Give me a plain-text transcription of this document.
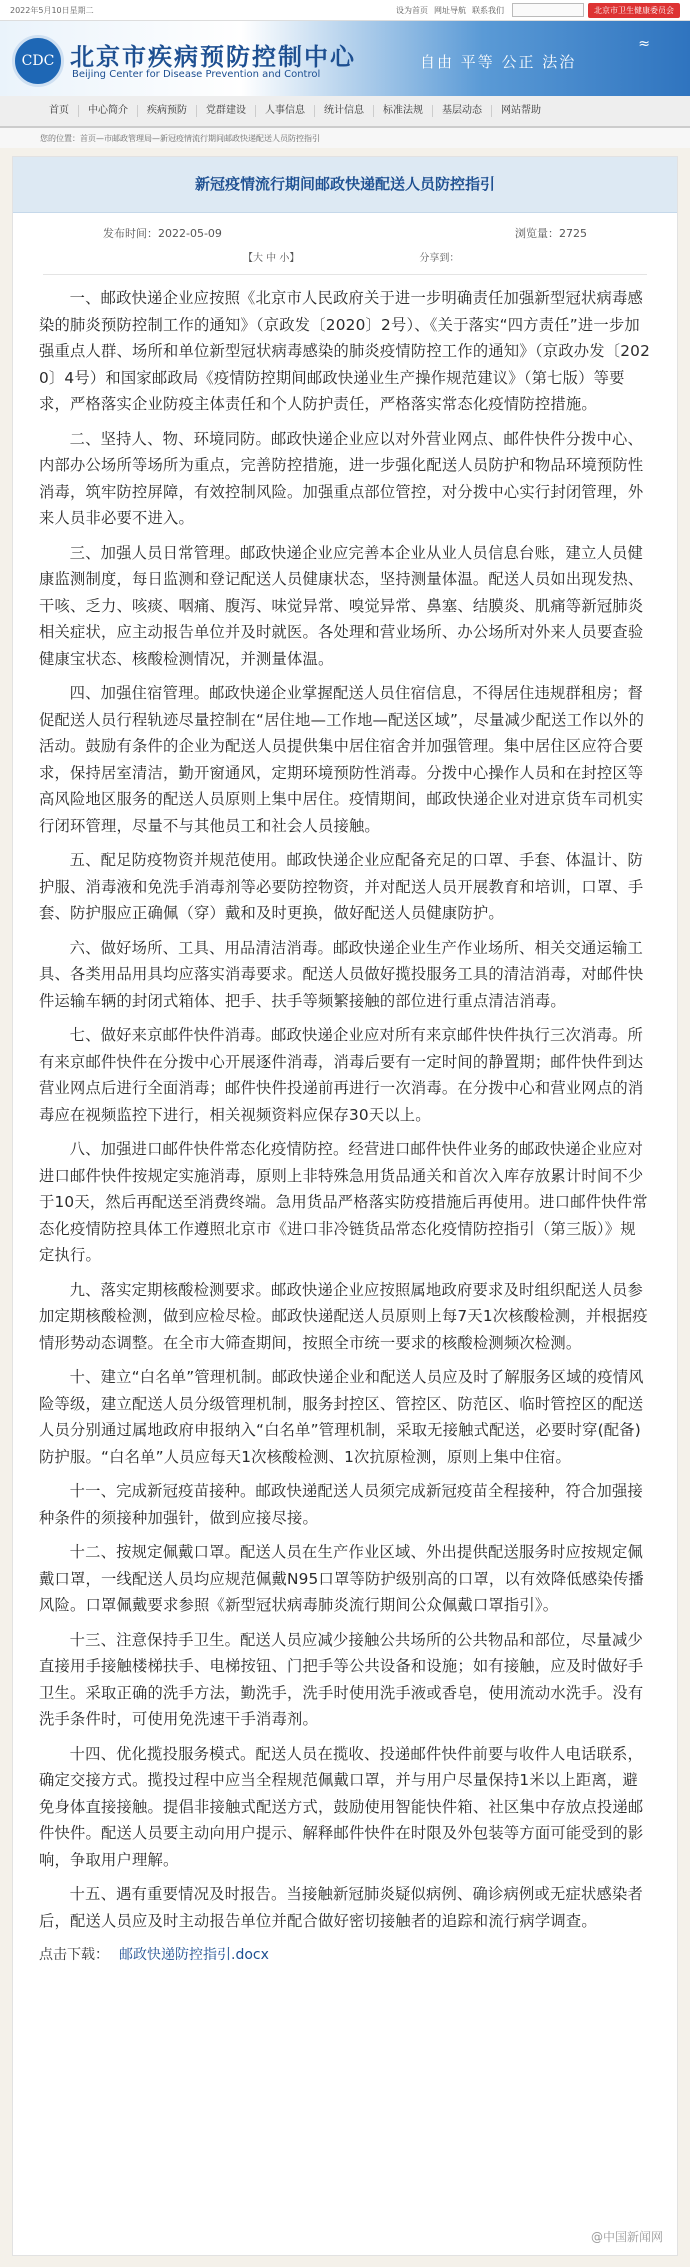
2022年5月10日星期二	设为首页 网址导航 联系我们	北京市卫生健康委员会
CDC 北京市疾病预防控制中心
Beijing Center for Disease Prevention and Control
自由 平等 公正 法治
≈
首页	中心简介	疾病预防	党群建设	人事信息	统计信息	标准法规	基层动态	网站帮助
您的位置：首页—市邮政管理局—新冠疫情流行期间邮政快递配送人员防控指引
新冠疫情流行期间邮政快递配送人员防控指引
发布时间：2022-05-09	浏览量：2725
【大 中 小】	分享到：

一、邮政快递企业应按照《北京市人民政府关于进一步明确责任加强新型冠状病毒感染的肺炎预防控制工作的通知》（京政发〔2020〕2号）、《关于落实“四方责任”进一步加强重点人群、场所和单位新型冠状病毒感染的肺炎疫情防控工作的通知》（京政办发〔2020〕4号）和国家邮政局《疫情防控期间邮政快递业生产操作规范建议》（第七版）等要求，严格落实企业防疫主体责任和个人防护责任，严格落实常态化疫情防控措施。

二、坚持人、物、环境同防。邮政快递企业应以对外营业网点、邮件快件分拨中心、内部办公场所等场所为重点，完善防控措施，进一步强化配送人员防护和物品环境预防性消毒，筑牢防控屏障，有效控制风险。加强重点部位管控，对分拨中心实行封闭管理，外来人员非必要不进入。

三、加强人员日常管理。邮政快递企业应完善本企业从业人员信息台账，建立人员健康监测制度，每日监测和登记配送人员健康状态，坚持测量体温。配送人员如出现发热、干咳、乏力、咳痰、咽痛、腹泻、味觉异常、嗅觉异常、鼻塞、结膜炎、肌痛等新冠肺炎相关症状，应主动报告单位并及时就医。各处理和营业场所、办公场所对外来人员要查验健康宝状态、核酸检测情况，并测量体温。

四、加强住宿管理。邮政快递企业掌握配送人员住宿信息，不得居住违规群租房；督促配送人员行程轨迹尽量控制在“居住地—工作地—配送区域”，尽量减少配送工作以外的活动。鼓励有条件的企业为配送人员提供集中居住宿舍并加强管理。集中居住区应符合要求，保持居室清洁，勤开窗通风，定期环境预防性消毒。分拨中心操作人员和在封控区等高风险地区服务的配送人员原则上集中居住。疫情期间，邮政快递企业对进京货车司机实行闭环管理，尽量不与其他员工和社会人员接触。

五、配足防疫物资并规范使用。邮政快递企业应配备充足的口罩、手套、体温计、防护服、消毒液和免洗手消毒剂等必要防控物资，并对配送人员开展教育和培训，口罩、手套、防护服应正确佩（穿）戴和及时更换，做好配送人员健康防护。

六、做好场所、工具、用品清洁消毒。邮政快递企业生产作业场所、相关交通运输工具、各类用品用具均应落实消毒要求。配送人员做好揽投服务工具的清洁消毒，对邮件快件运输车辆的封闭式箱体、把手、扶手等频繁接触的部位进行重点清洁消毒。

七、做好来京邮件快件消毒。邮政快递企业应对所有来京邮件快件执行三次消毒。所有来京邮件快件在分拨中心开展逐件消毒，消毒后要有一定时间的静置期；邮件快件到达营业网点后进行全面消毒；邮件快件投递前再进行一次消毒。在分拨中心和营业网点的消毒应在视频监控下进行，相关视频资料应保存30天以上。

八、加强进口邮件快件常态化疫情防控。经营进口邮件快件业务的邮政快递企业应对进口邮件快件按规定实施消毒，原则上非特殊急用货品通关和首次入库存放累计时间不少于10天，然后再配送至消费终端。急用货品严格落实防疫措施后再使用。进口邮件快件常态化疫情防控具体工作遵照北京市《进口非冷链货品常态化疫情防控指引（第三版）》规定执行。

九、落实定期核酸检测要求。邮政快递企业应按照属地政府要求及时组织配送人员参加定期核酸检测，做到应检尽检。邮政快递配送人员原则上每7天1次核酸检测，并根据疫情形势动态调整。在全市大筛查期间，按照全市统一要求的核酸检测频次检测。

十、建立“白名单”管理机制。邮政快递企业和配送人员应及时了解服务区域的疫情风险等级，建立配送人员分级管理机制，服务封控区、管控区、防范区、临时管控区的配送人员分别通过属地政府申报纳入“白名单”管理机制，采取无接触式配送，必要时穿(配备)防护服。“白名单”人员应每天1次核酸检测、1次抗原检测，原则上集中住宿。

十一、完成新冠疫苗接种。邮政快递配送人员须完成新冠疫苗全程接种，符合加强接种条件的须接种加强针，做到应接尽接。

十二、按规定佩戴口罩。配送人员在生产作业区域、外出提供配送服务时应按规定佩戴口罩，一线配送人员均应规范佩戴N95口罩等防护级别高的口罩，以有效降低感染传播风险。口罩佩戴要求参照《新型冠状病毒肺炎流行期间公众佩戴口罩指引》。

十三、注意保持手卫生。配送人员应减少接触公共场所的公共物品和部位，尽量减少直接用手接触楼梯扶手、电梯按钮、门把手等公共设备和设施；如有接触，应及时做好手卫生。采取正确的洗手方法，勤洗手，洗手时使用洗手液或香皂，使用流动水洗手。没有洗手条件时，可使用免洗速干手消毒剂。

十四、优化揽投服务模式。配送人员在揽收、投递邮件快件前要与收件人电话联系，确定交接方式。揽投过程中应当全程规范佩戴口罩，并与用户尽量保持1米以上距离，避免身体直接接触。提倡非接触式配送方式，鼓励使用智能快件箱、社区集中存放点投递邮件快件。配送人员要主动向用户提示、解释邮件快件在时限及外包装等方面可能受到的影响，争取用户理解。

十五、遇有重要情况及时报告。当接触新冠肺炎疑似病例、确诊病例或无症状感染者后，配送人员应及时主动报告单位并配合做好密切接触者的追踪和流行病学调查。

点击下载： 邮政快递防控指引.docx
@中国新闻网
